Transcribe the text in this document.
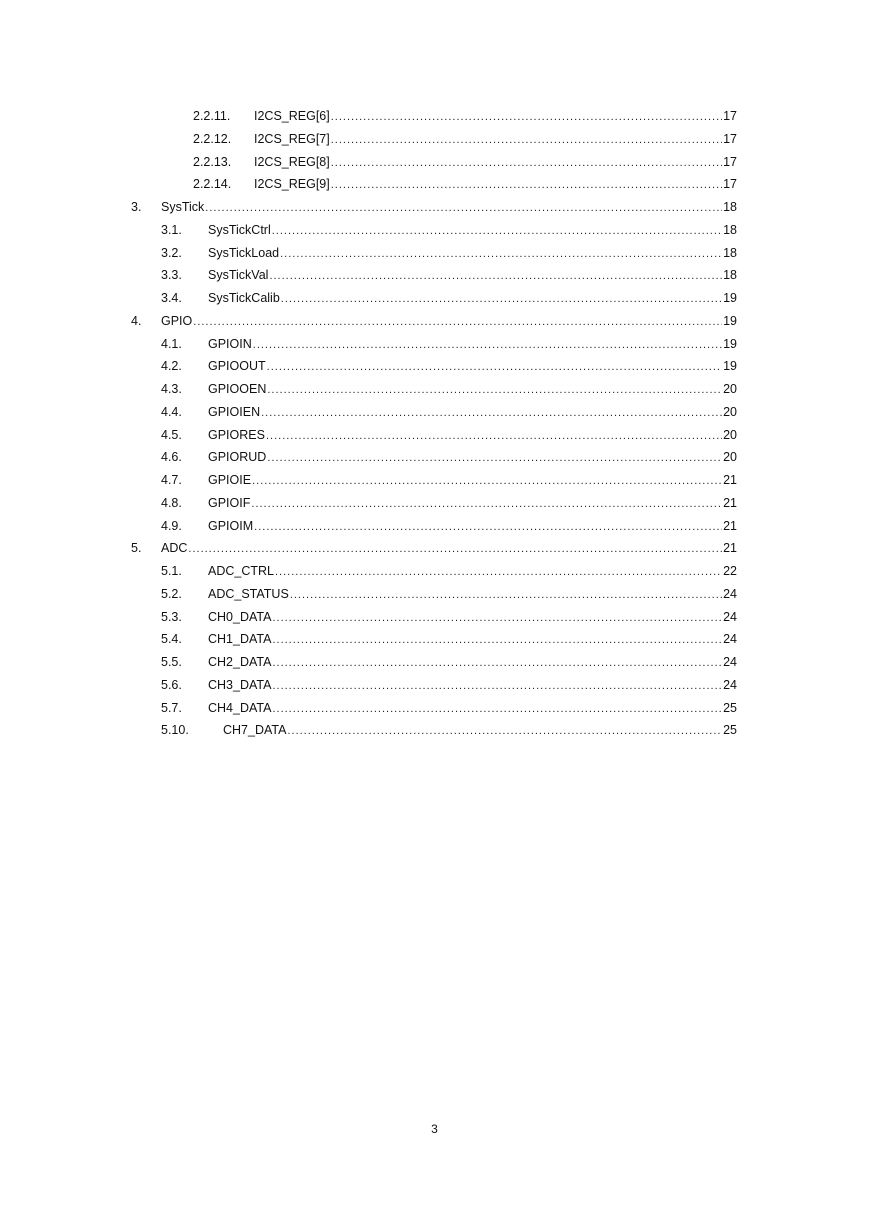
2.2.11. I2CS_REG[6] .....	17
2.2.12. I2CS_REG[7] .....	17
2.2.13. I2CS_REG[8] .....	17
2.2.14. I2CS_REG[9] .....	17
3. SysTick .....	18
3.1. SysTickCtrl .....	18
3.2. SysTickLoad .....	18
3.3. SysTickVal .....	18
3.4. SysTickCalib .....	19
4. GPIO .....	19
4.1. GPIOIN .....	19
4.2. GPIOOUT .....	19
4.3. GPIOOEN .....	20
4.4. GPIOIEN .....	20
4.5. GPIORES .....	20
4.6. GPIORUD .....	20
4.7. GPIOIE .....	21
4.8. GPIOIF .....	21
4.9. GPIOIM .....	21
5. ADC .....	21
5.1. ADC_CTRL .....	22
5.2. ADC_STATUS .....	24
5.3. CH0_DATA .....	24
5.4. CH1_DATA .....	24
5.5. CH2_DATA .....	24
5.6. CH3_DATA .....	24
5.7. CH4_DATA .....	25
5.10.	CH7_DATA .....	25
3
